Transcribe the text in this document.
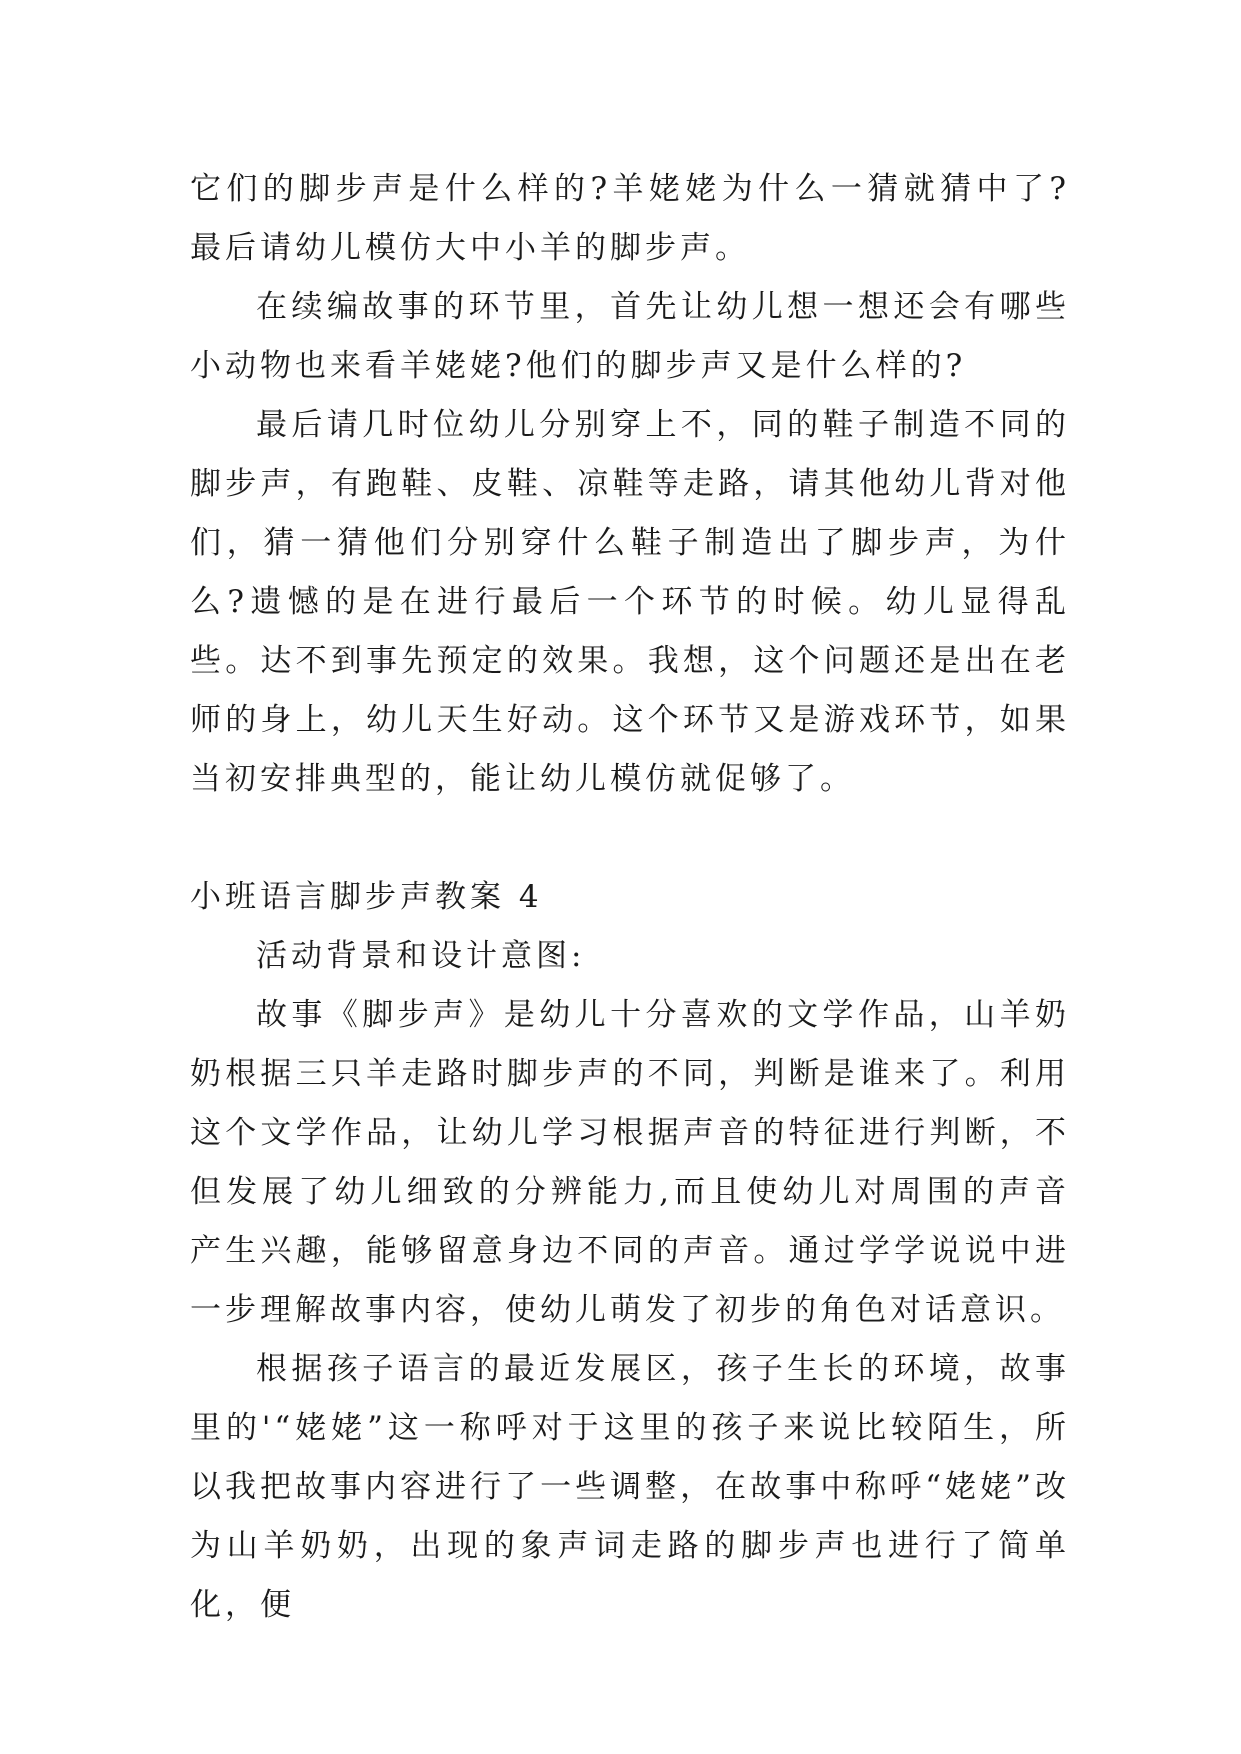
它们的脚步声是什么样的?羊姥姥为什么一猜就猜中了?最后请幼儿模仿大中小羊的脚步声。

在续编故事的环节里，首先让幼儿想一想还会有哪些小动物也来看羊姥姥?他们的脚步声又是什么样的?

最后请几时位幼儿分别穿上不，同的鞋子制造不同的脚步声，有跑鞋、皮鞋、凉鞋等走路，请其他幼儿背对他们，猜一猜他们分别穿什么鞋子制造出了脚步声，为什么?遗憾的是在进行最后一个环节的时候。幼儿显得乱些。达不到事先预定的效果。我想，这个问题还是出在老师的身上，幼儿天生好动。这个环节又是游戏环节，如果当初安排典型的，能让幼儿模仿就促够了。

小班语言脚步声教案 4

活动背景和设计意图:

故事《脚步声》是幼儿十分喜欢的文学作品，山羊奶奶根据三只羊走路时脚步声的不同，判断是谁来了。利用这个文学作品，让幼儿学习根据声音的特征进行判断，不但发展了幼儿细致的分辨能力,而且使幼儿对周围的声音产生兴趣，能够留意身边不同的声音。通过学学说说中进一步理解故事内容，使幼儿萌发了初步的角色对话意识。

根据孩子语言的最近发展区，孩子生长的环境，故事里的'“姥姥”这一称呼对于这里的孩子来说比较陌生，所以我把故事内容进行了一些调整，在故事中称呼“姥姥”改为山羊奶奶，出现的象声词走路的脚步声也进行了简单化，便
